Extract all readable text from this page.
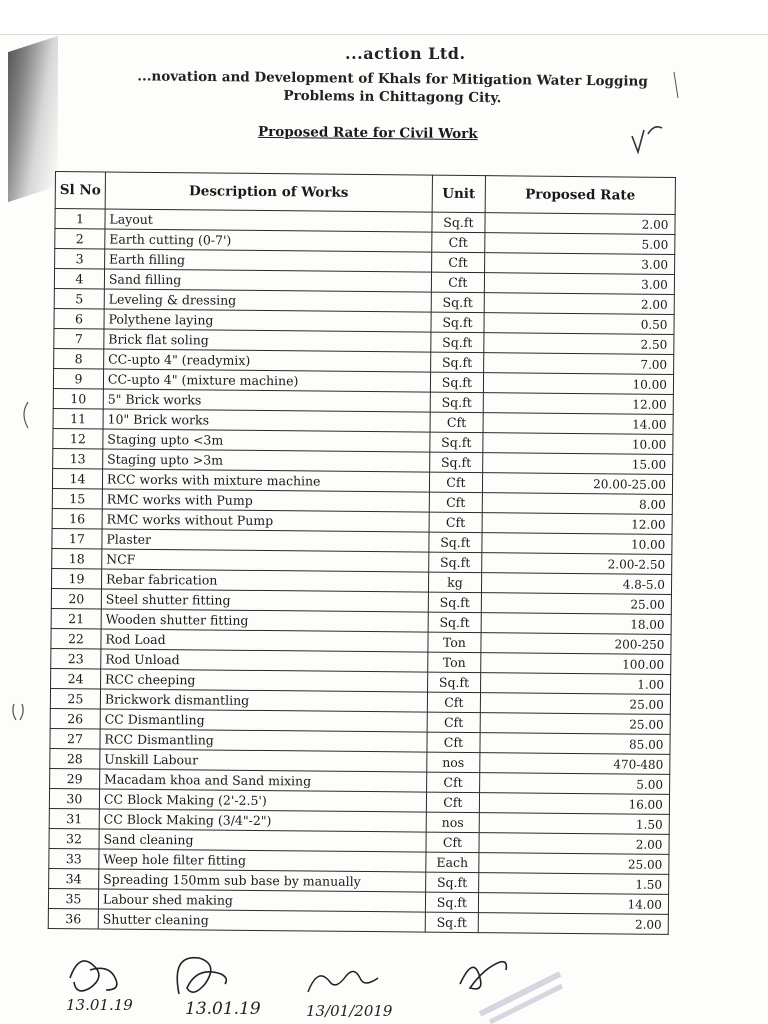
...action Ltd.
...novation and Development of Khals for Mitigation Water Logging Problems in Chittagong City.
Proposed Rate for Civil Work
Sl No	Description of Works	Unit	Proposed Rate
1	Layout	Sq.ft	2.00
2	Earth cutting (0-7')	Cft	5.00
3	Earth filling	Cft	3.00
4	Sand filling	Cft	3.00
5	Leveling & dressing	Sq.ft	2.00
6	Polythene laying	Sq.ft	0.50
7	Brick flat soling	Sq.ft	2.50
8	CC-upto 4" (readymix)	Sq.ft	7.00
9	CC-upto 4" (mixture machine)	Sq.ft	10.00
10	5" Brick works	Sq.ft	12.00
11	10" Brick works	Cft	14.00
12	Staging upto <3m	Sq.ft	10.00
13	Staging upto >3m	Sq.ft	15.00
14	RCC works with mixture machine	Cft	20.00-25.00
15	RMC works with Pump	Cft	8.00
16	RMC works without Pump	Cft	12.00
17	Plaster	Sq.ft	10.00
18	NCF	Sq.ft	2.00-2.50
19	Rebar fabrication	kg	4.8-5.0
20	Steel shutter fitting	Sq.ft	25.00
21	Wooden shutter fitting	Sq.ft	18.00
22	Rod Load	Ton	200-250
23	Rod Unload	Ton	100.00
24	RCC cheeping	Sq.ft	1.00
25	Brickwork dismantling	Cft	25.00
26	CC Dismantling	Cft	25.00
27	RCC Dismantling	Cft	85.00
28	Unskill Labour	nos	470-480
29	Macadam khoa and Sand mixing	Cft	5.00
30	CC Block Making (2'-2.5')	Cft	16.00
31	CC Block Making (3/4"-2")	nos	1.50
32	Sand cleaning	Cft	2.00
33	Weep hole filter fitting	Each	25.00
34	Spreading 150mm sub base by manually	Sq.ft	1.50
35	Labour shed making	Sq.ft	14.00
36	Shutter cleaning	Sq.ft	2.00
13.01.19	13.01.19	13/01/2019
